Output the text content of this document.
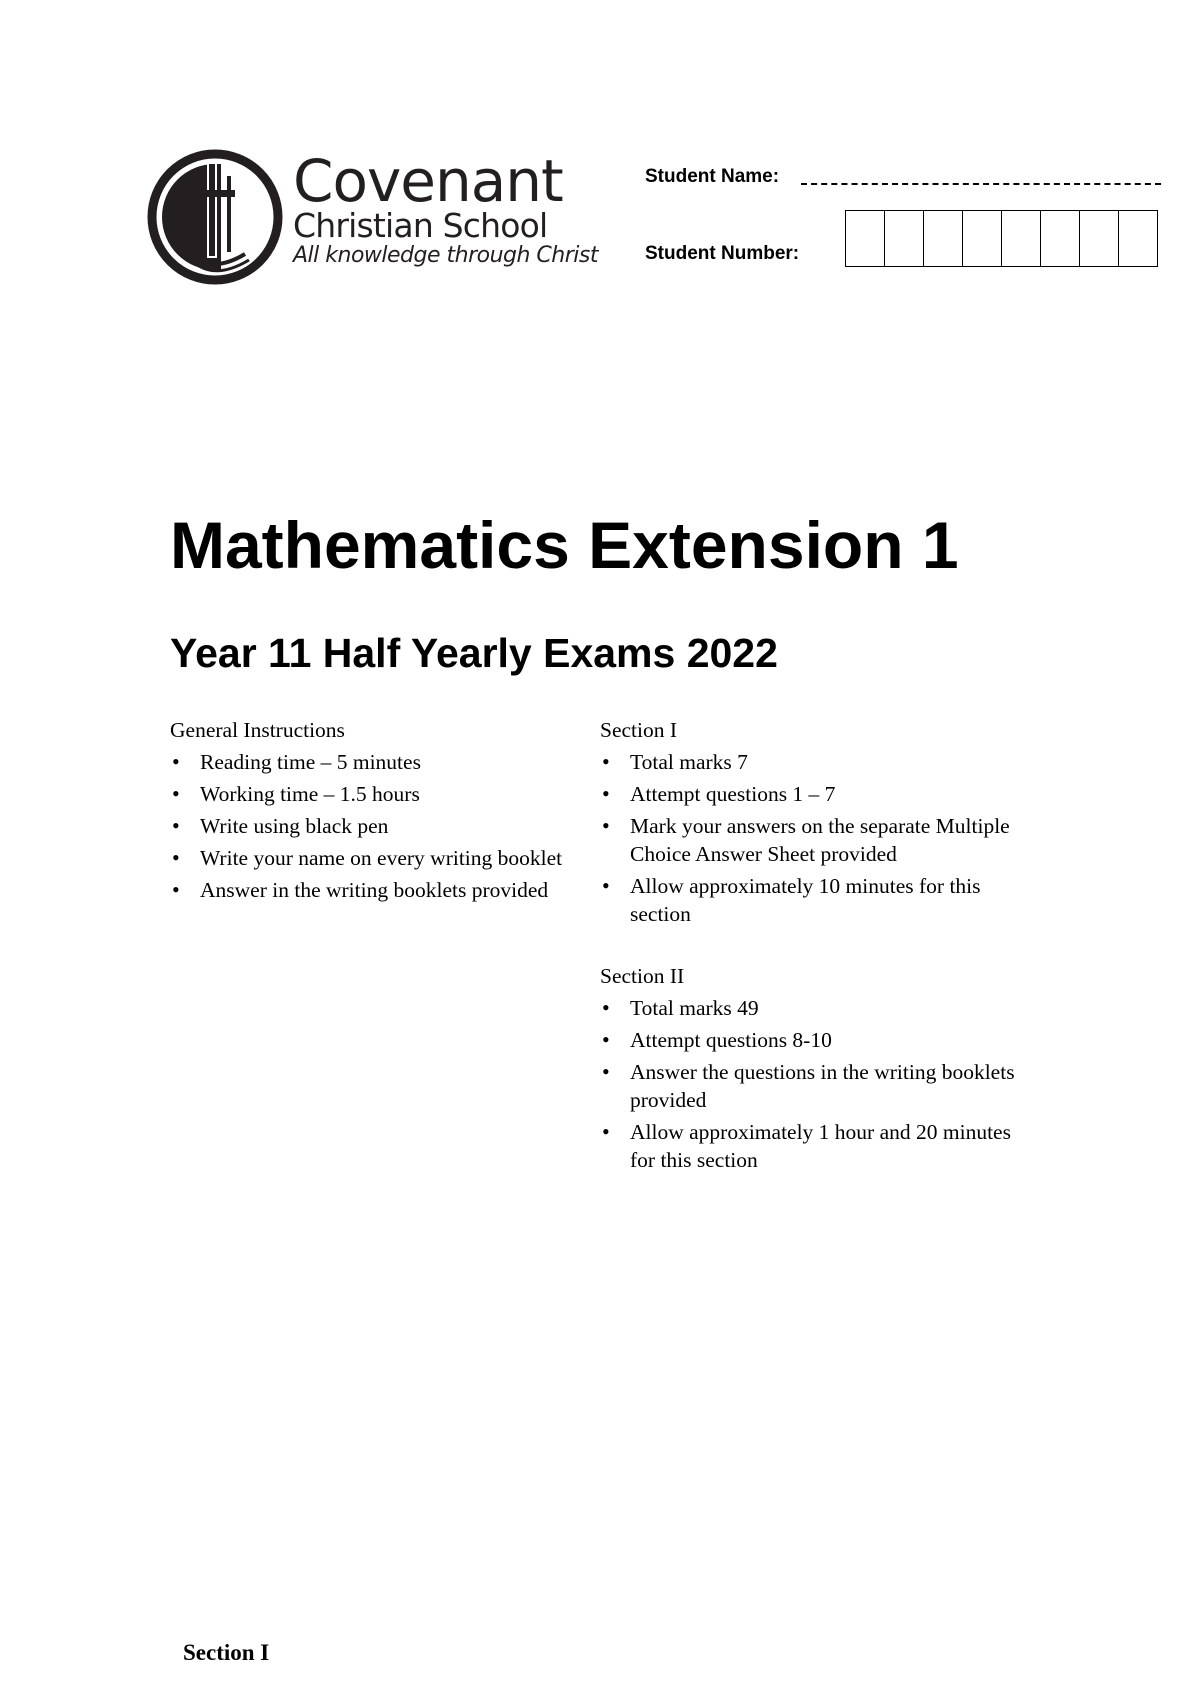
Covenant
Christian School
All knowledge through Christ
Student Name:
Student Number:
Mathematics Extension 1
Year 11 Half Yearly Exams 2022
General Instructions
• Reading time – 5 minutes
• Working time – 1.5 hours
• Write using black pen
• Write your name on every writing booklet
• Answer in the writing booklets provided
Section I
• Total marks 7
• Attempt questions 1 – 7
• Mark your answers on the separate Multiple Choice Answer Sheet provided
• Allow approximately 10 minutes for this section
Section II
• Total marks 49
• Attempt questions 8-10
• Answer the questions in the writing booklets provided
• Allow approximately 1 hour and 20 minutes for this section
Section I
